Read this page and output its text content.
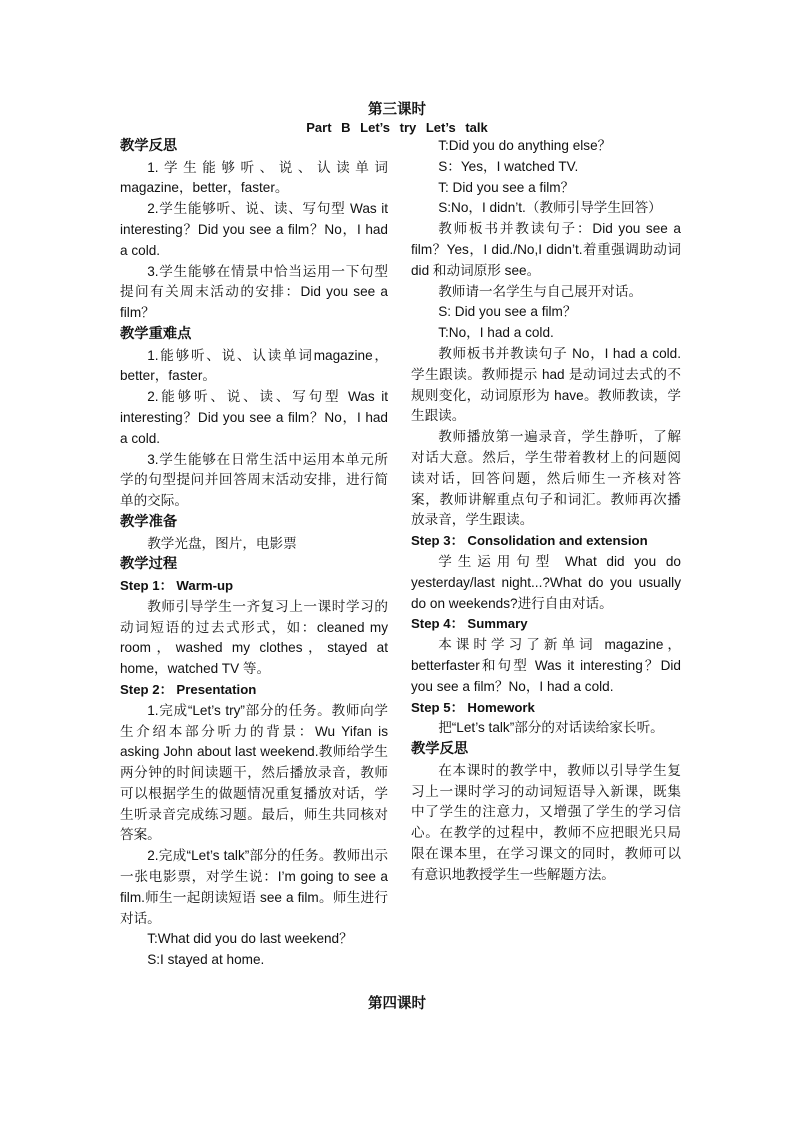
第三课时
Part B Let’s try Let’s talk
教学反思

1.学生能够听、说、认读单词magazine，better，faster。

2.学生能够听、说、读、写句型 Was it interesting？Did you see a film？No，I had a cold.

3.学生能够在情景中恰当运用一下句型提问有关周末活动的安排：Did you see a film？

教学重难点

1.能够听、说、认读单词magazine，better，faster。

2.能够听、说、读、写句型 Was it interesting？Did you see a film？No，I had a cold.

3.学生能够在日常生活中运用本单元所学的句型提问并回答周末活动安排，进行简单的交际。

教学准备

教学光盘，图片，电影票

教学过程
Step 1： Warm-up

教师引导学生一齐复习上一课时学习的动词短语的过去式形式，如：cleaned my room，washed my clothes，stayed at home，watched TV 等。

Step 2： Presentation

1.完成“Let’s try”部分的任务。教师向学生介绍本部分听力的背景：Wu Yifan is asking John about last weekend.教师给学生两分钟的时间读题干，然后播放录音，教师可以根据学生的做题情况重复播放对话，学生听录音完成练习题。最后，师生共同核对答案。

2.完成“Let’s talk”部分的任务。教师出示一张电影票，对学生说：I’m going to see a film.师生一起朗读短语 see a film。师生进行对话。

T:What did you do last weekend？
S:I stayed at home.
T:Did you do anything else？
S：Yes，I watched TV.
T: Did you see a film？

S:No，I didn’t.（教师引导学生回答）

教师板书并教读句子：Did you see a film？Yes，I did./No,I didn’t.着重强调助动词 did 和动词原形 see。

教师请一名学生与自己展开对话。

S: Did you see a film？
T:No，I had a cold.

教师板书并教读句子 No，I had a cold.学生跟读。教师提示 had 是动词过去式的不规则变化，动词原形为 have。教师教读，学生跟读。

教师播放第一遍录音，学生静听，了解对话大意。然后，学生带着教材上的问题阅读对话，回答问题，然后师生一齐核对答案，教师讲解重点句子和词汇。教师再次播放录音，学生跟读。

Step 3： Consolidation and extension

学生运用句型 What did you do yesterday/last night...?What do you usually do on weekends?进行自由对话。

Step 4： Summary

本课时学习了新单词 magazine，betterfaster和句型 Was it interesting？Did you see a film？No，I had a cold.

Step 5： Homework

把“Let’s talk”部分的对话读给家长听。

教学反思

在本课时的教学中，教师以引导学生复习上一课时学习的动词短语导入新课，既集中了学生的注意力，又增强了学生的学习信心。在教学的过程中，教师不应把眼光只局限在课本里，在学习课文的同时，教师可以有意识地教授学生一些解题方法。

第四课时
